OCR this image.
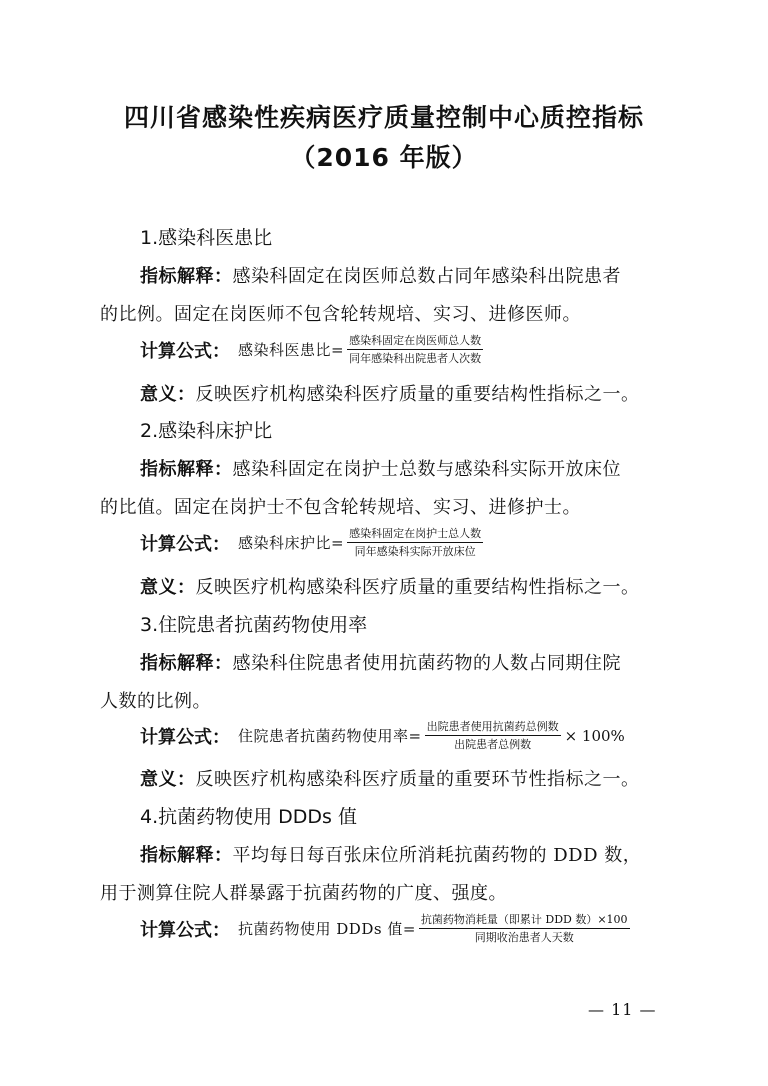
四川省感染性疾病医疗质量控制中心质控指标
（2016 年版）
1.感染科医患比
指标解释：感染科固定在岗医师总数占同年感染科出院患者
的比例。固定在岗医师不包含轮转规培、实习、进修医师。
计算公式： 感染科医患比= $\frac{\text{感染科固定在岗医师总人数}}{\text{同年感染科出院患者人次数}}$
意义：反映医疗机构感染科医疗质量的重要结构性指标之一。
2.感染科床护比
指标解释：感染科固定在岗护士总数与感染科实际开放床位
的比值。固定在岗护士不包含轮转规培、实习、进修护士。
计算公式： 感染科床护比= $\frac{\text{感染科固定在岗护士总人数}}{\text{同年感染科实际开放床位}}$
意义：反映医疗机构感染科医疗质量的重要结构性指标之一。
3.住院患者抗菌药物使用率
指标解释：感染科住院患者使用抗菌药物的人数占同期住院
人数的比例。
计算公式： 住院患者抗菌药物使用率= $\frac{\text{出院患者使用抗菌药总例数}}{\text{出院患者总例数}} \times 100\%$
意义：反映医疗机构感染科医疗质量的重要环节性指标之一。
4.抗菌药物使用 DDDs 值
指标解释：平均每日每百张床位所消耗抗菌药物的 DDD 数，
用于测算住院人群暴露于抗菌药物的广度、强度。
计算公式： 抗菌药物使用 DDDs 值= $\frac{\text{抗菌药物消耗量（即累计 DDD 数）×100}}{\text{同期收治患者人天数}}$
— 11 —
